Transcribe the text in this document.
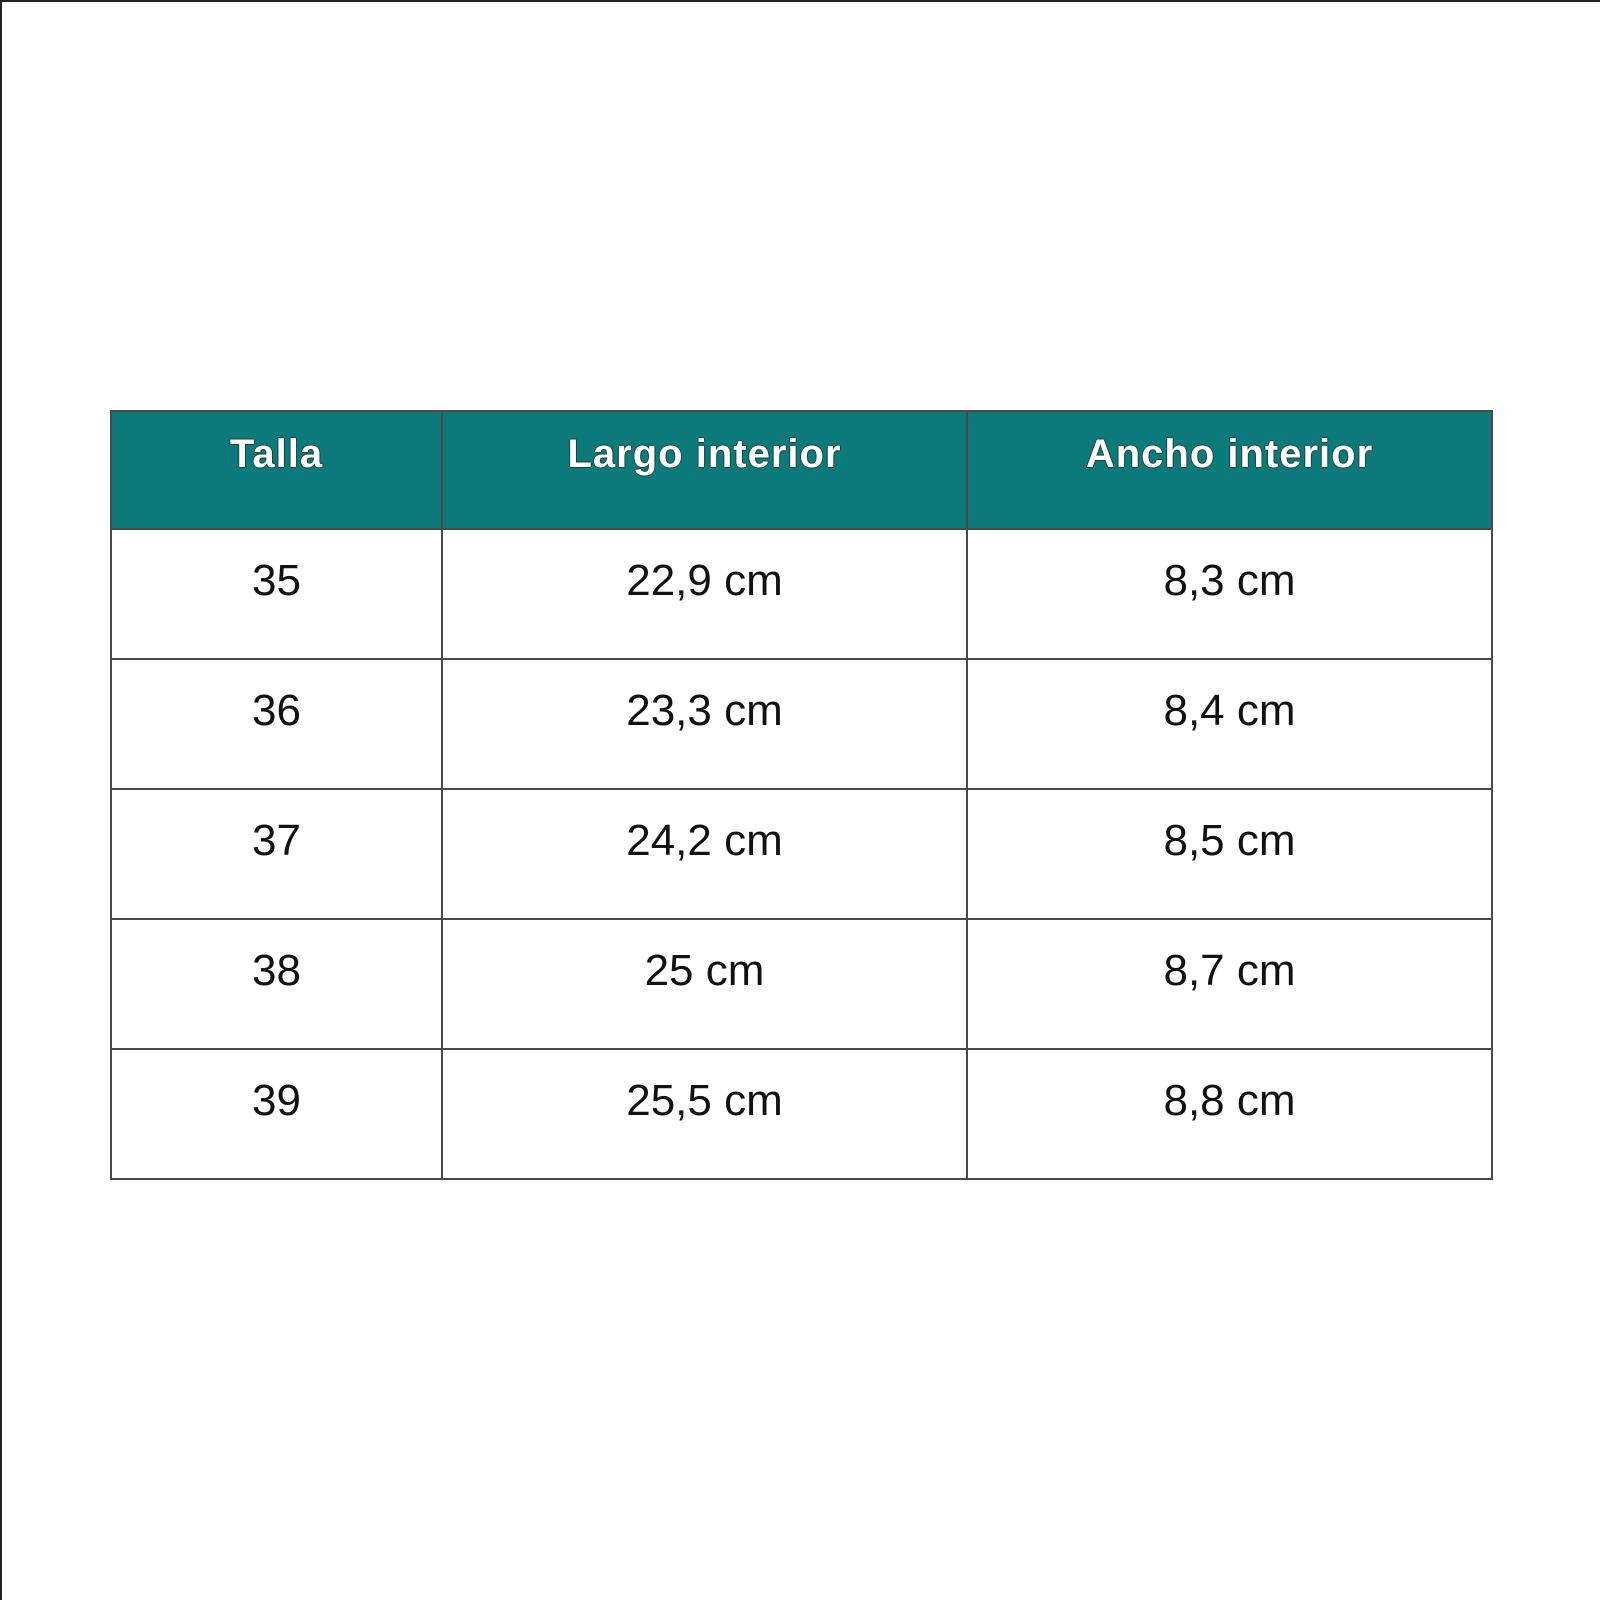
Talla	Largo interior	Ancho interior
35	22,9 cm	8,3 cm
36	23,3 cm	8,4 cm
37	24,2 cm	8,5 cm
38	25 cm	8,7 cm
39	25,5 cm	8,8 cm
